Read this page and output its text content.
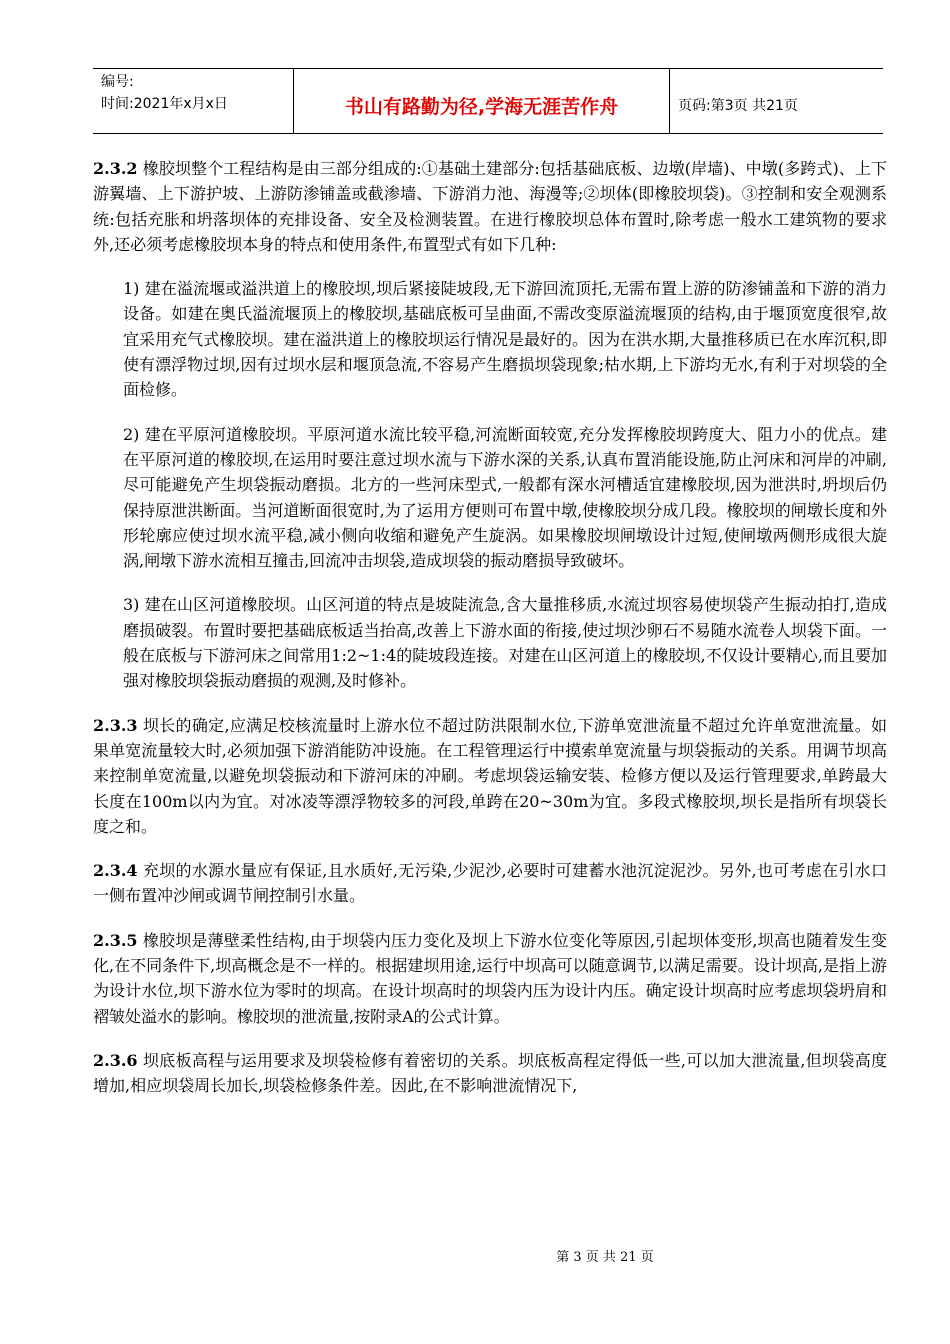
编号:
时间:2021年x月x日	书山有路勤为径,学海无涯苦作舟	页码:第3页 共21页

2.3.2 橡胶坝整个工程结构是由三部分组成的:①基础土建部分:包括基础底板、边墩(岸墙)、中墩(多跨式)、上下游翼墙、上下游护坡、上游防渗铺盖或截渗墙、下游消力池、海漫等;②坝体(即橡胶坝袋)。③控制和安全观测系统:包括充胀和坍落坝体的充排设备、安全及检测装置。在进行橡胶坝总体布置时,除考虑一般水工建筑物的要求外,还必须考虑橡胶坝本身的特点和使用条件,布置型式有如下几种:

1) 建在溢流堰或溢洪道上的橡胶坝,坝后紧接陡坡段,无下游回流顶托,无需布置上游的防渗铺盖和下游的消力设备。如建在奥氏溢流堰顶上的橡胶坝,基础底板可呈曲面,不需改变原溢流堰顶的结构,由于堰顶宽度很窄,故宜采用充气式橡胶坝。建在溢洪道上的橡胶坝运行情况是最好的。因为在洪水期,大量推移质已在水库沉积,即使有漂浮物过坝,因有过坝水层和堰顶急流,不容易产生磨损坝袋现象;枯水期,上下游均无水,有利于对坝袋的全面检修。

2) 建在平原河道橡胶坝。平原河道水流比较平稳,河流断面较宽,充分发挥橡胶坝跨度大、阻力小的优点。建在平原河道的橡胶坝,在运用时要注意过坝水流与下游水深的关系,认真布置消能设施,防止河床和河岸的冲刷,尽可能避免产生坝袋振动磨损。北方的一些河床型式,一般都有深水河槽适宜建橡胶坝,因为泄洪时,坍坝后仍保持原泄洪断面。当河道断面很宽时,为了运用方便则可布置中墩,使橡胶坝分成几段。橡胶坝的闸墩长度和外形轮廓应使过坝水流平稳,减小侧向收缩和避免产生旋涡。如果橡胶坝闸墩设计过短,使闸墩两侧形成很大旋涡,闸墩下游水流相互撞击,回流冲击坝袋,造成坝袋的振动磨损导致破坏。

3) 建在山区河道橡胶坝。山区河道的特点是坡陡流急,含大量推移质,水流过坝容易使坝袋产生振动拍打,造成磨损破裂。布置时要把基础底板适当抬高,改善上下游水面的衔接,使过坝沙卵石不易随水流卷人坝袋下面。一般在底板与下游河床之间常用1:2~1:4的陡坡段连接。对建在山区河道上的橡胶坝,不仅设计要精心,而且要加强对橡胶坝袋振动磨损的观测,及时修补。

2.3.3 坝长的确定,应满足校核流量时上游水位不超过防洪限制水位,下游单宽泄流量不超过允许单宽泄流量。如果单宽流量较大时,必须加强下游消能防冲设施。在工程管理运行中摸索单宽流量与坝袋振动的关系。用调节坝高来控制单宽流量,以避免坝袋振动和下游河床的冲刷。考虑坝袋运输安装、检修方便以及运行管理要求,单跨最大长度在100m以内为宜。对冰凌等漂浮物较多的河段,单跨在20~30m为宜。多段式橡胶坝,坝长是指所有坝袋长度之和。

2.3.4 充坝的水源水量应有保证,且水质好,无污染,少泥沙,必要时可建蓄水池沉淀泥沙。另外,也可考虑在引水口一侧布置冲沙闸或调节闸控制引水量。

2.3.5 橡胶坝是薄壁柔性结构,由于坝袋内压力变化及坝上下游水位变化等原因,引起坝体变形,坝高也随着发生变化,在不同条件下,坝高概念是不一样的。根据建坝用途,运行中坝高可以随意调节,以满足需要。设计坝高,是指上游为设计水位,坝下游水位为零时的坝高。在设计坝高时的坝袋内压为设计内压。确定设计坝高时应考虑坝袋坍肩和褶皱处溢水的影响。橡胶坝的泄流量,按附录A的公式计算。

2.3.6 坝底板高程与运用要求及坝袋检修有着密切的关系。坝底板高程定得低一些,可以加大泄流量,但坝袋高度增加,相应坝袋周长加长,坝袋检修条件差。因此,在不影响泄流情况下,

第 3 页 共 21 页
